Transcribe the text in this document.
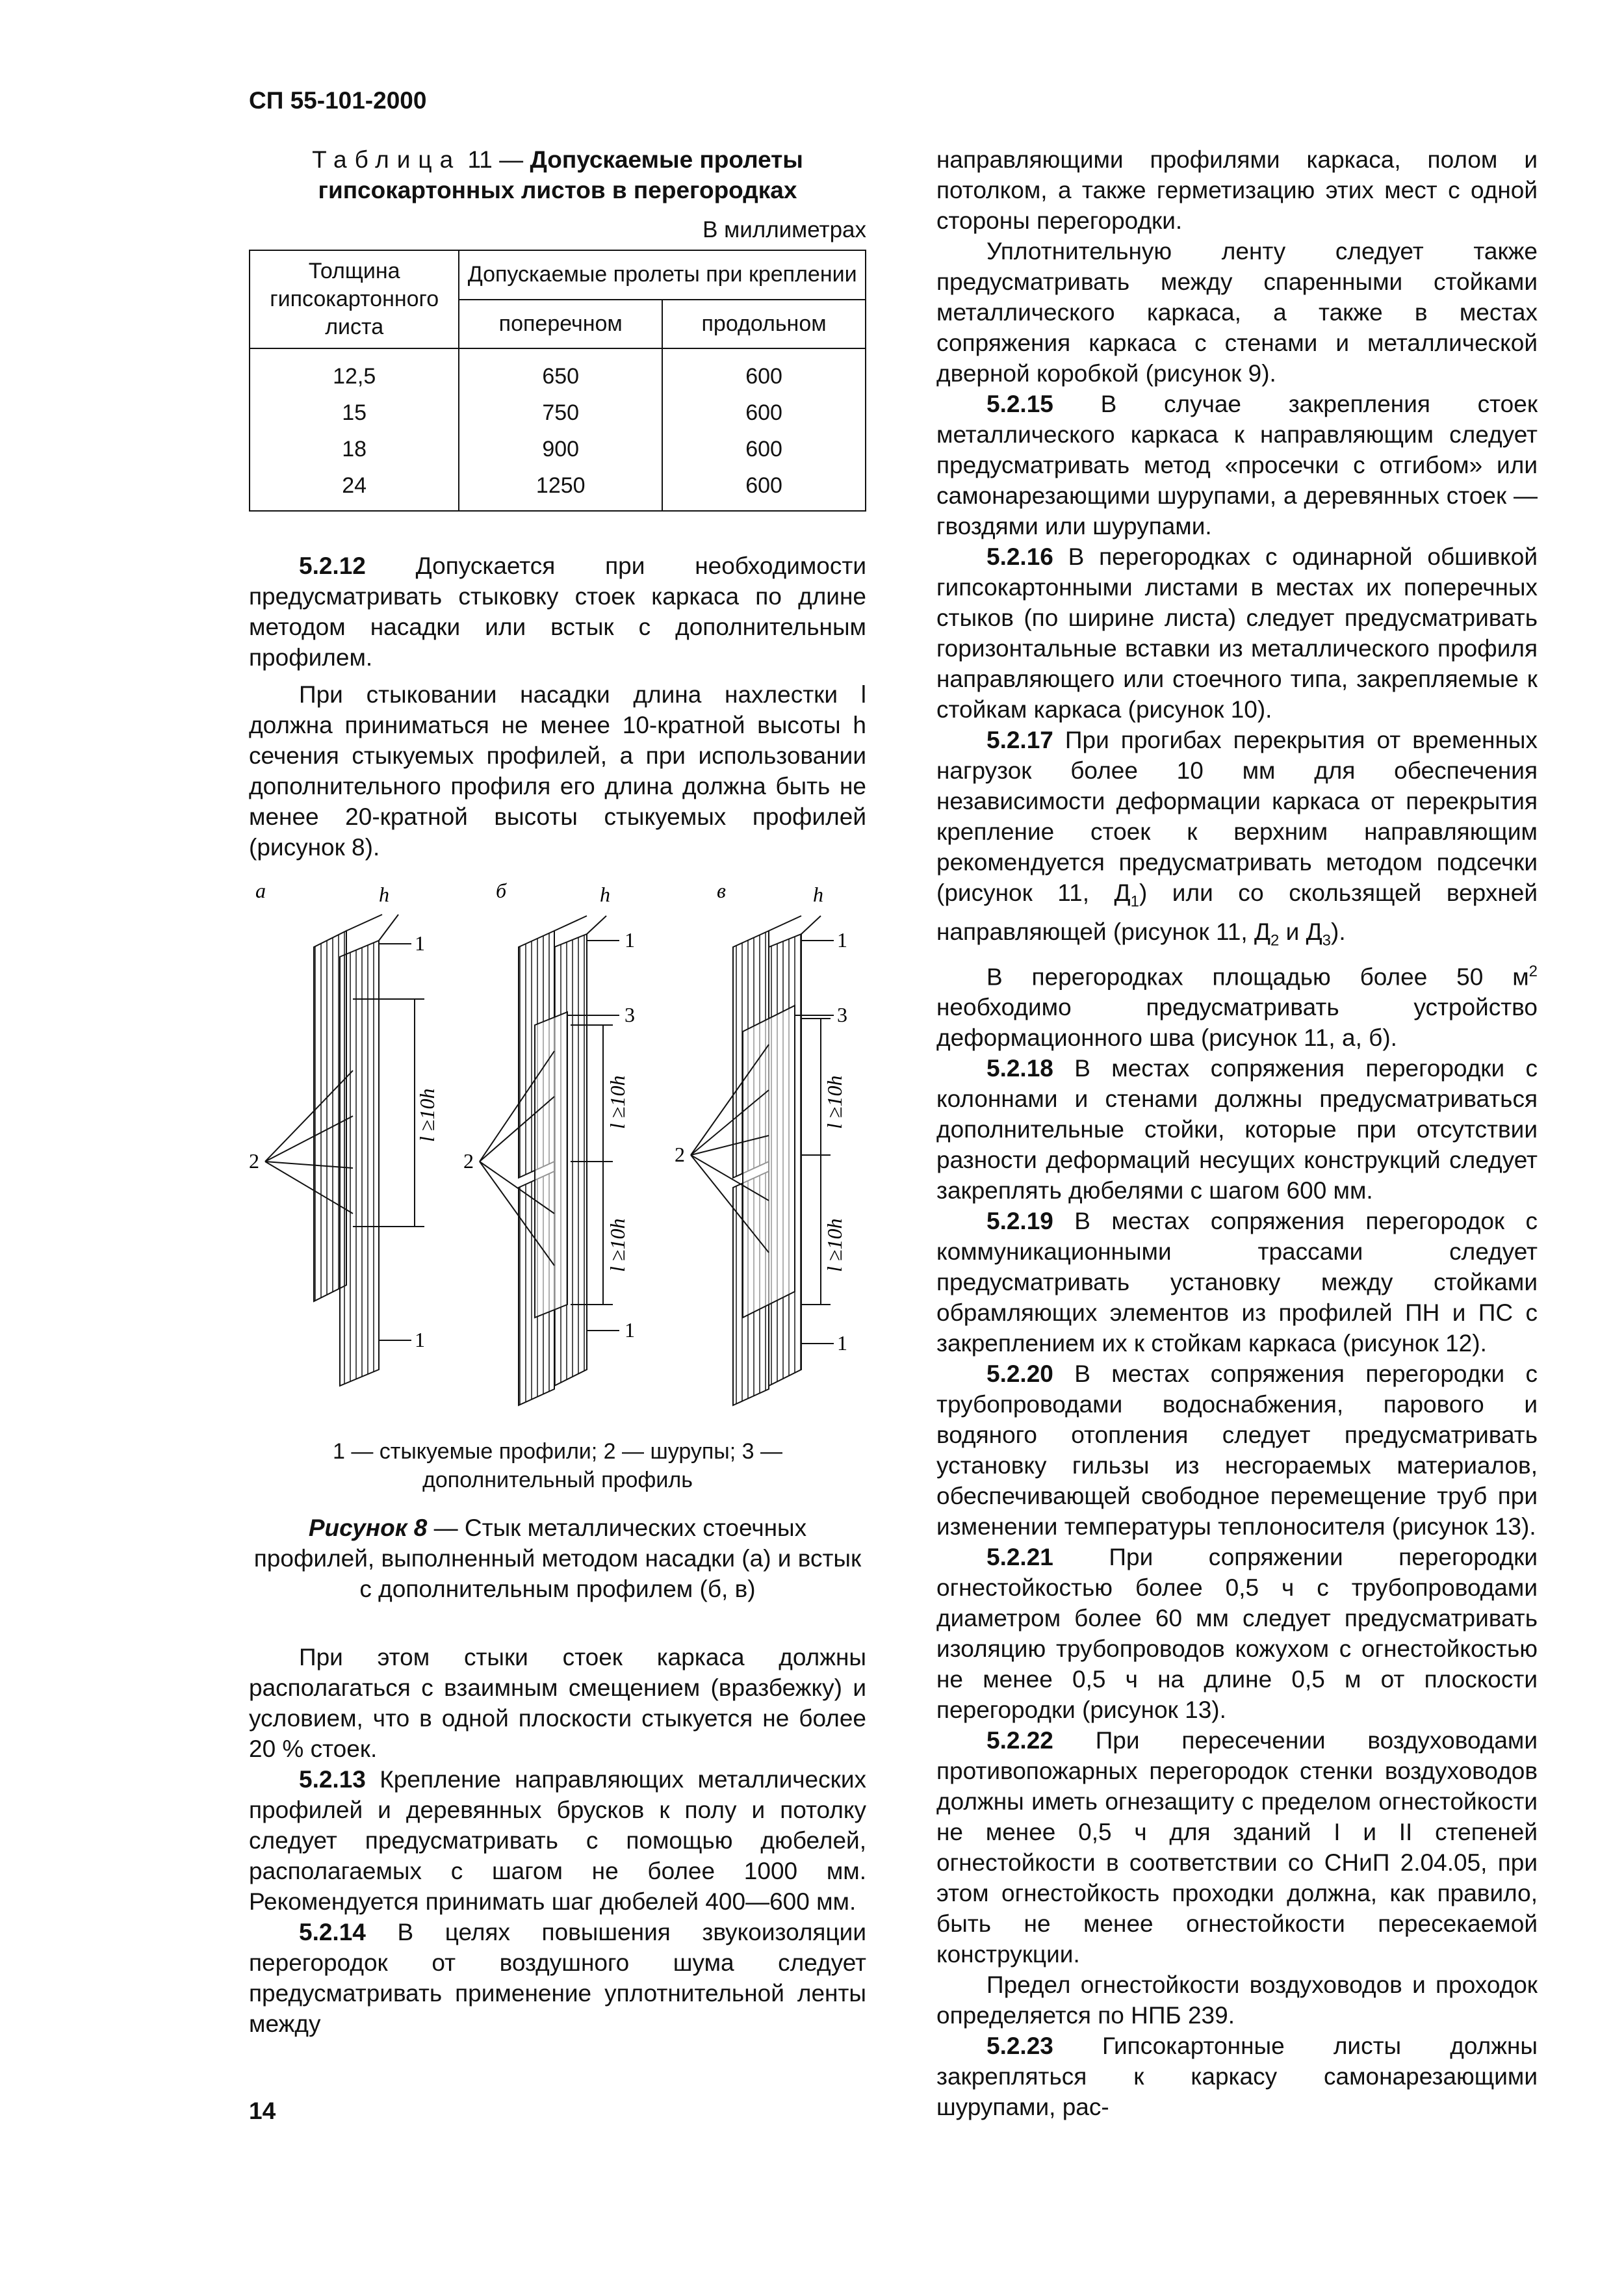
СП 55-101-2000

Таблица 11 — Допускаемые пролеты гипсокартонных листов в перегородках

В миллиметрах
Толщина гипсокартонного листа	Допускаемые пролеты при креплении	
	поперечном	продольном
12,5	650	600
15	750	600
18	900	600
24	1250	600

5.2.12 Допускается при необходимости предусматривать стыковку стоек каркаса по длине методом насадки или встык с дополнительным профилем.

При стыковании насадки длина нахлестки l должна приниматься не менее 10-кратной высоты h сечения стыкуемых профилей, а при использовании дополнительного профиля его длина должна быть не менее 20-кратной высоты стыкуемых профилей (рисунок 8).

а	h
1
1
l ≥10h
2
б	h
1
1
3
l ≥10h
l ≥10h
2
в	h
1
1
3
l ≥10h
l ≥10h
2

1 — стыкуемые профили; 2 — шурупы; 3 —
дополнительный профиль

Рисунок 8 — Стык металлических стоечных профилей, выполненный методом насадки (а) и встык с дополнительным профилем (б, в)

При этом стыки стоек каркаса должны располагаться с взаимным смещением (вразбежку) и условием, что в одной плоскости стыкуется не более 20 % стоек.

5.2.13 Крепление направляющих металлических профилей и деревянных брусков к полу и потолку следует предусматривать с помощью дюбелей, располагаемых с шагом не более 1000 мм. Рекомендуется принимать шаг дюбелей 400—600 мм.

5.2.14 В целях повышения звукоизоляции перегородок от воздушного шума следует предусматривать применение уплотнительной ленты между

направляющими профилями каркаса, полом и потолком, а также герметизацию этих мест с одной стороны перегородки.

Уплотнительную ленту следует также предусматривать между спаренными стойками металлического каркаса, а также в местах сопряжения каркаса с стенами и металлической дверной коробкой (рисунок 9).

5.2.15 В случае закрепления стоек металлического каркаса к направляющим следует предусматривать метод «просечки с отгибом» или самонарезающими шурупами, а деревянных стоек — гвоздями или шурупами.

5.2.16 В перегородках с одинарной обшивкой гипсокартонными листами в местах их поперечных стыков (по ширине листа) следует предусматривать горизонтальные вставки из металлического профиля направляющего или стоечного типа, закрепляемые к стойкам каркаса (рисунок 10).

5.2.17 При прогибах перекрытия от временных нагрузок более 10 мм для обеспечения независимости деформации каркаса от перекрытия крепление стоек к верхним направляющим рекомендуется предусматривать методом подсечки (рисунок 11, $Д_1$) или со скользящей верхней направляющей (рисунок 11, $Д_2$ и $Д_3$).

В перегородках площадью более 50 $м^2$ необходимо предусматривать устройство деформационного шва (рисунок 11, а, б).

5.2.18 В местах сопряжения перегородки с колоннами и стенами должны предусматриваться дополнительные стойки, которые при отсутствии разности деформаций несущих конструкций следует закреплять дюбелями с шагом 600 мм.

5.2.19 В местах сопряжения перегородок с коммуникационными трассами следует предусматривать установку между стойками обрамляющих элементов из профилей ПН и ПС с закреплением их к стойкам каркаса (рисунок 12).

5.2.20 В местах сопряжения перегородки с трубопроводами водоснабжения, парового и водяного отопления следует предусматривать установку гильзы из несгораемых материалов, обеспечивающей свободное перемещение труб при изменении температуры теплоносителя (рисунок 13).

5.2.21 При сопряжении перегородки огнестойкостью более 0,5 ч с трубопроводами диаметром более 60 мм следует предусматривать изоляцию трубопроводов кожухом с огнестойкостью не менее 0,5 ч на длине 0,5 м от плоскости перегородки (рисунок 13).

5.2.22 При пересечении воздуховодами противопожарных перегородок стенки воздуховодов должны иметь огнезащиту с пределом огнестойкости не менее 0,5 ч для зданий I и II степеней огнестойкости в соответствии со СНиП 2.04.05, при этом огнестойкость проходки должна, как правило, быть не менее огнестойкости пересекаемой конструкции.

Предел огнестойкости воздуховодов и проходок определяется по НПБ 239.

5.2.23 Гипсокартонные листы должны закрепляться к каркасу самонарезающими шурупами, рас-

14
